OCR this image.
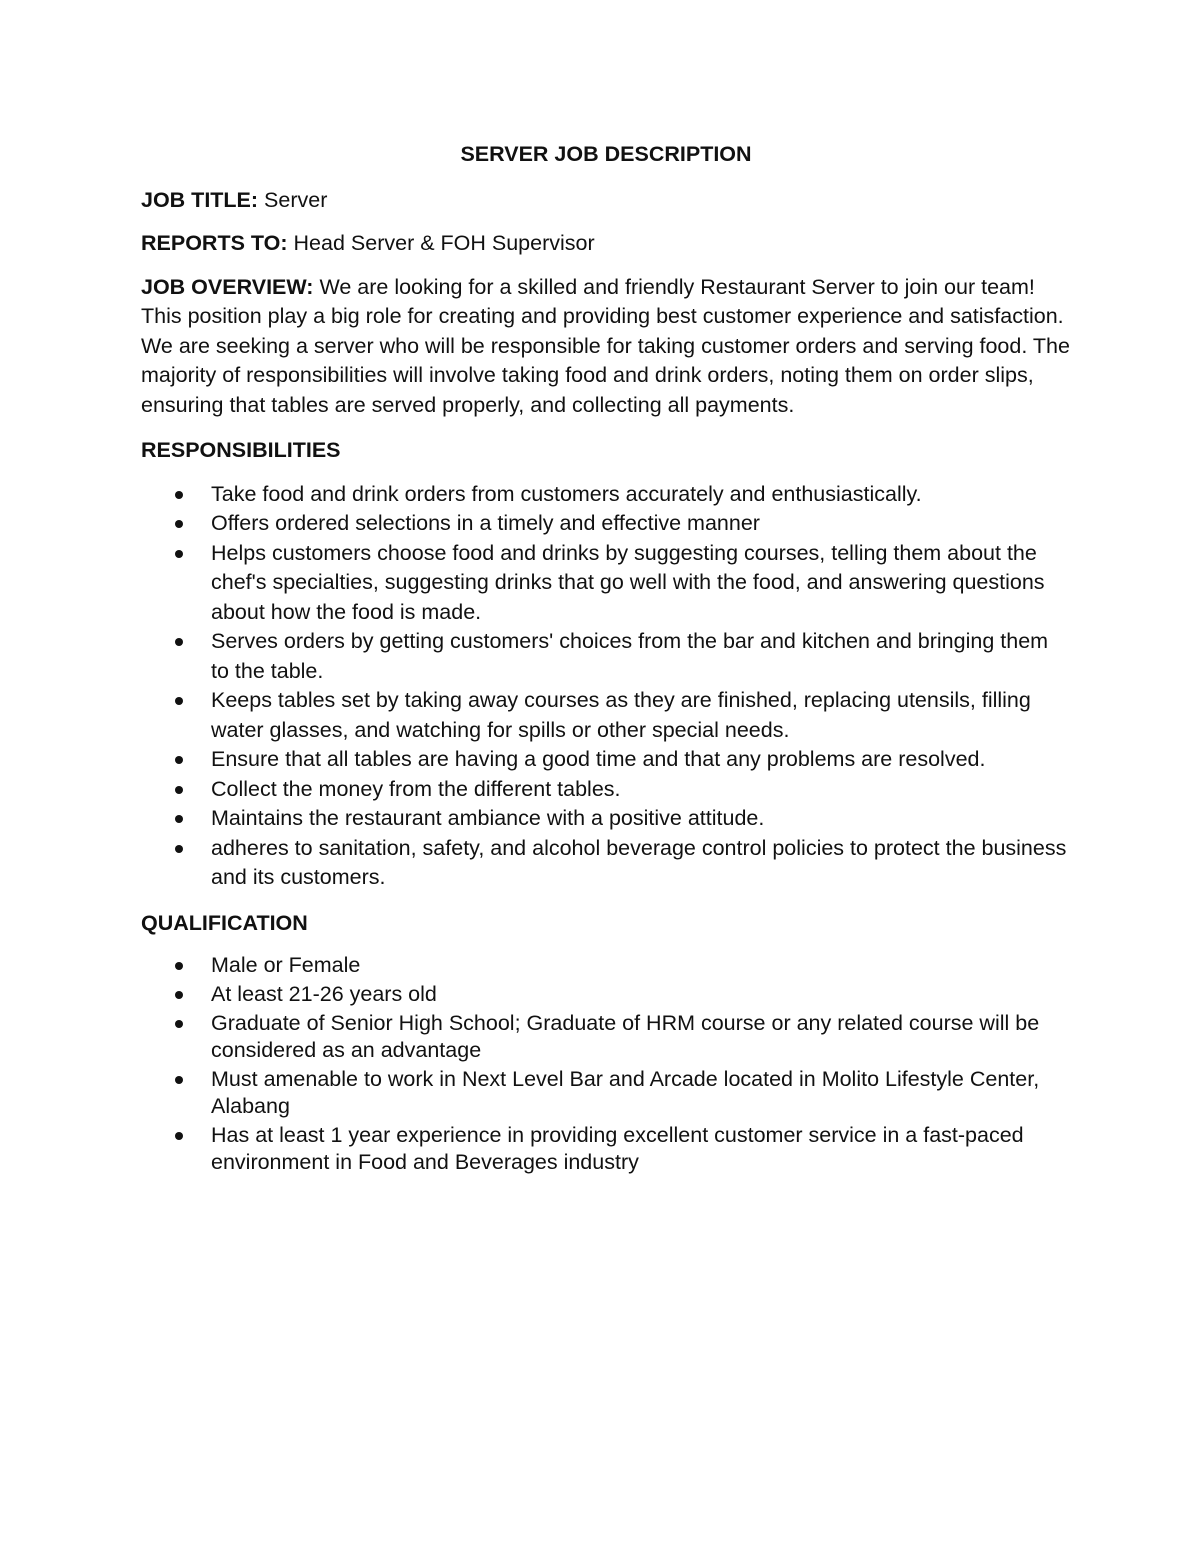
SERVER JOB DESCRIPTION
JOB TITLE: Server
REPORTS TO: Head Server & FOH Supervisor
JOB OVERVIEW: We are looking for a skilled and friendly Restaurant Server to join our team! This position play a big role for creating and providing best customer experience and satisfaction. We are seeking a server who will be responsible for taking customer orders and serving food. The majority of responsibilities will involve taking food and drink orders, noting them on order slips, ensuring that tables are served properly, and collecting all payments.
RESPONSIBILITIES
Take food and drink orders from customers accurately and enthusiastically.
Offers ordered selections in a timely and effective manner
Helps customers choose food and drinks by suggesting courses, telling them about the chef's specialties, suggesting drinks that go well with the food, and answering questions about how the food is made.
Serves orders by getting customers' choices from the bar and kitchen and bringing them to the table.
Keeps tables set by taking away courses as they are finished, replacing utensils, filling water glasses, and watching for spills or other special needs.
Ensure that all tables are having a good time and that any problems are resolved.
Collect the money from the different tables.
Maintains the restaurant ambiance with a positive attitude.
adheres to sanitation, safety, and alcohol beverage control policies to protect the business and its customers.
QUALIFICATION
Male or Female
At least 21-26 years old
Graduate of Senior High School; Graduate of HRM course or any related course will be considered as an advantage
Must amenable to work in Next Level Bar and Arcade located in Molito Lifestyle Center, Alabang
Has at least 1 year experience in providing excellent customer service in a fast-paced environment in Food and Beverages industry
